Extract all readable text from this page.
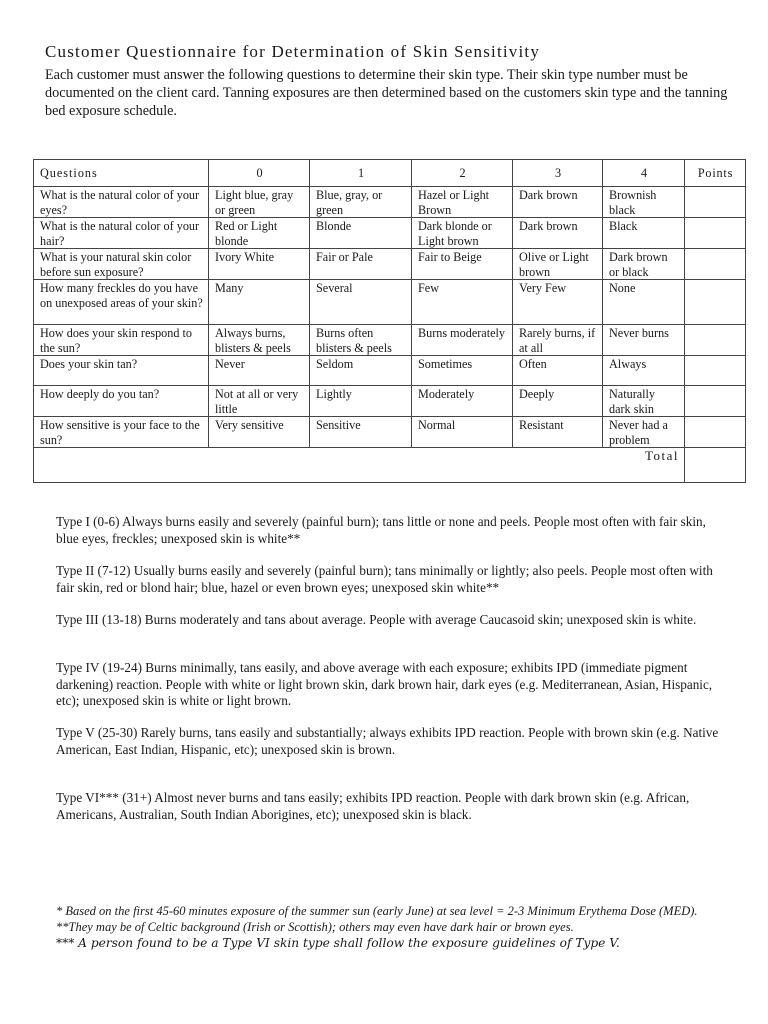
Customer Questionnaire for Determination of Skin Sensitivity
Each customer must answer the following questions to determine their skin type. Their skin type number must be documented on the client card. Tanning exposures are then determined based on the customers skin type and the tanning bed exposure schedule.
Questions	0	1	2	3	4	Points
What is the natural color of your eyes?	Light blue, gray or green	Blue, gray, or green	Hazel or Light Brown	Dark brown	Brownish black	
What is the natural color of your hair?	Red or Light blonde	Blonde	Dark blonde or Light brown	Dark brown	Black	
What is your natural skin color before sun exposure?	Ivory White	Fair or Pale	Fair to Beige	Olive or Light brown	Dark brown or black	
How many freckles do you have on unexposed areas of your skin?	Many	Several	Few	Very Few	None	
How does your skin respond to the sun?	Always burns, blisters & peels	Burns often blisters & peels	Burns moderately	Rarely burns, if at all	Never burns	
Does your skin tan?	Never	Seldom	Sometimes	Often	Always	
How deeply do you tan?	Not at all or very little	Lightly	Moderately	Deeply	Naturally dark skin	
How sensitive is your face to the sun?	Very sensitive	Sensitive	Normal	Resistant	Never had a problem	
Total						

Type I (0-6) Always burns easily and severely (painful burn); tans little or none and peels. People most often with fair skin, blue eyes, freckles; unexposed skin is white**

Type II (7-12) Usually burns easily and severely (painful burn); tans minimally or lightly; also peels. People most often with fair skin, red or blond hair; blue, hazel or even brown eyes; unexposed skin white**

Type III (13-18) Burns moderately and tans about average. People with average Caucasoid skin; unexposed skin is white.

Type IV (19-24) Burns minimally, tans easily, and above average with each exposure; exhibits IPD (immediate pigment darkening) reaction. People with white or light brown skin, dark brown hair, dark eyes (e.g. Mediterranean, Asian, Hispanic, etc); unexposed skin is white or light brown.

Type V (25-30) Rarely burns, tans easily and substantially; always exhibits IPD reaction. People with brown skin (e.g. Native American, East Indian, Hispanic, etc); unexposed skin is brown.

Type VI*** (31+) Almost never burns and tans easily; exhibits IPD reaction. People with dark brown skin (e.g. African, Americans, Australian, South Indian Aborigines, etc); unexposed skin is black.

* Based on the first 45-60 minutes exposure of the summer sun (early June) at sea level = 2-3 Minimum Erythema Dose (MED).
**They may be of Celtic background (Irish or Scottish); others may even have dark hair or brown eyes.
*** A person found to be a Type VI skin type shall follow the exposure guidelines of Type V.
